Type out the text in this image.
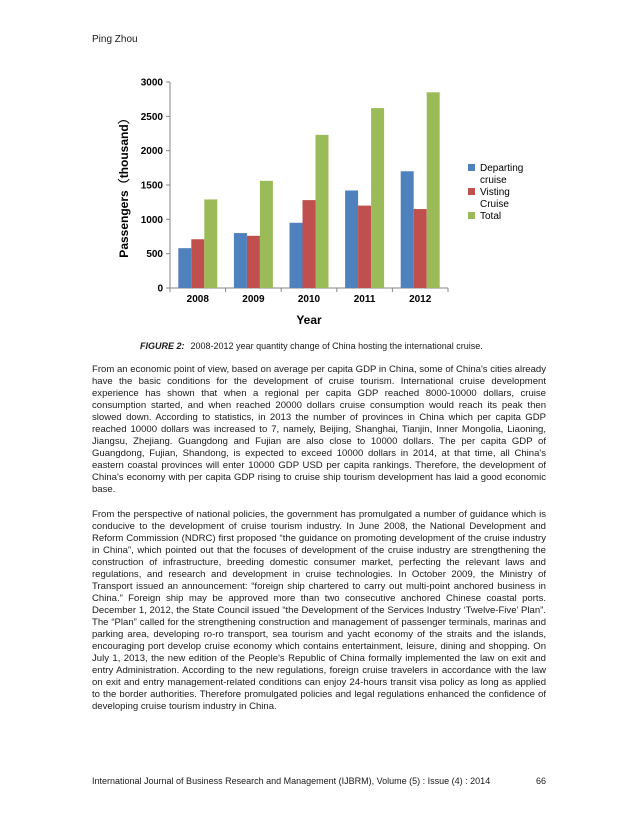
Ping Zhou
0
500
1000
1500
2000
2500
3000
2008	2009	2010	2011	2012
Year
Passengers（thousand）	Departing
cruise
Visting
Cruise
Total
FIGURE 2: 2008-2012 year quantity change of China hosting the international cruise.

From an economic point of view, based on average per capita GDP in China, some of China's cities already have the basic conditions for the development of cruise tourism. International cruise development experience has shown that when a regional per capita GDP reached 8000-10000 dollars, cruise consumption started, and when reached 20000 dollars cruise consumption would reach its peak then slowed down. According to statistics, in 2013 the number of provinces in China which per capita GDP reached 10000 dollars was increased to 7, namely, Beijing, Shanghai, Tianjin, Inner Mongolia, Liaoning, Jiangsu, Zhejiang. Guangdong and Fujian are also close to 10000 dollars. The per capita GDP of Guangdong, Fujian, Shandong, is expected to exceed 10000 dollars in 2014, at that time, all China's eastern coastal provinces will enter 10000 GDP USD per capita rankings. Therefore, the development of China's economy with per capita GDP rising to cruise ship tourism development has laid a good economic base.

From the perspective of national policies, the government has promulgated a number of guidance which is conducive to the development of cruise tourism industry. In June 2008, the National Development and Reform Commission (NDRC) first proposed “the guidance on promoting development of the cruise industry in China”, which pointed out that the focuses of development of the cruise industry are strengthening the construction of infrastructure, breeding domestic consumer market, perfecting the relevant laws and regulations, and research and development in cruise technologies. In October 2009, the Ministry of Transport issued an announcement: “foreign ship chartered to carry out multi-point anchored business in China.” Foreign ship may be approved more than two consecutive anchored Chinese coastal ports. December 1, 2012, the State Council issued “the Development of the Services Industry ‘Twelve-Five’ Plan”. The “Plan” called for the strengthening construction and management of passenger terminals, marinas and parking area, developing ro-ro transport, sea tourism and yacht economy of the straits and the islands, encouraging port develop cruise economy which contains entertainment, leisure, dining and shopping. On July 1, 2013, the new edition of the People's Republic of China formally implemented the law on exit and entry Administration. According to the new regulations, foreign cruise travelers in accordance with the law on exit and entry management-related conditions can enjoy 24-hours transit visa policy as long as applied to the border authorities. Therefore promulgated policies and legal regulations enhanced the confidence of developing cruise tourism industry in China.

International Journal of Business Research and Management (IJBRM), Volume (5) : Issue (4) : 2014	66
